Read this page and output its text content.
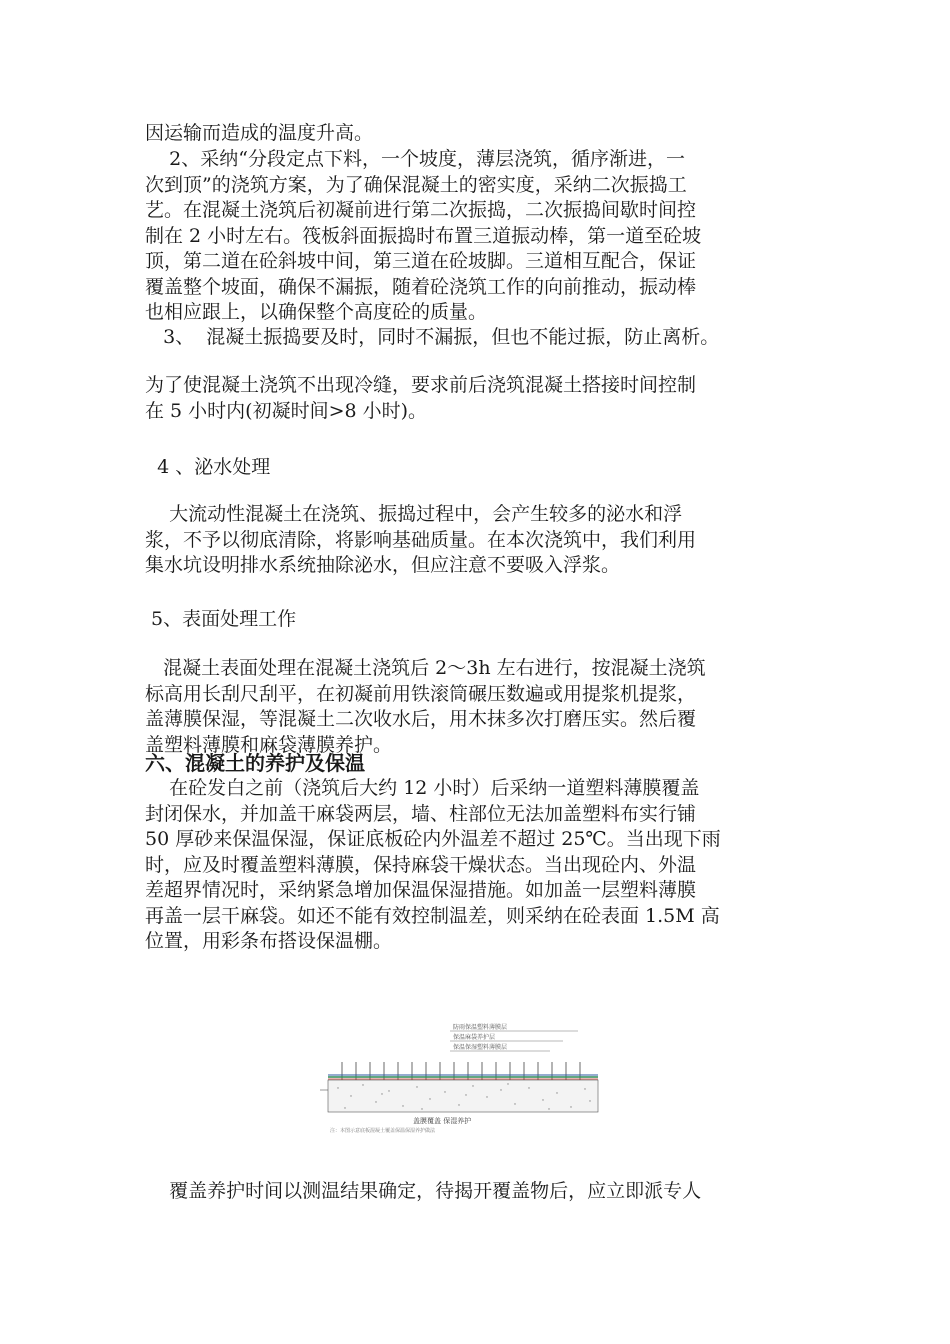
因运输而造成的温度升高。
2、采纳“分段定点下料，一个坡度，薄层浇筑，循序渐进，一
次到顶”的浇筑方案，为了确保混凝土的密实度，采纳二次振捣工
艺。在混凝土浇筑后初凝前进行第二次振捣，二次振捣间歇时间控
制在 2 小时左右。筏板斜面振捣时布置三道振动棒，第一道至砼坡
顶，第二道在砼斜坡中间，第三道在砼坡脚。三道相互配合，保证
覆盖整个坡面，确保不漏振，随着砼浇筑工作的向前推动，振动棒
也相应跟上，以确保整个高度砼的质量。
3、  混凝土振捣要及时，同时不漏振，但也不能过振，防止离析。
为了使混凝土浇筑不出现冷缝，要求前后浇筑混凝土搭接时间控制
在 5 小时内(初凝时间>8 小时)。
4 、泌水处理
大流动性混凝土在浇筑、振捣过程中，会产生较多的泌水和浮
浆，不予以彻底清除，将影响基础质量。在本次浇筑中，我们利用
集水坑设明排水系统抽除泌水，但应注意不要吸入浮浆。
5、表面处理工作
混凝土表面处理在混凝土浇筑后 2～3h 左右进行，按混凝土浇筑
标高用长刮尺刮平，在初凝前用铁滚筒碾压数遍或用提浆机提浆，
盖薄膜保湿，等混凝土二次收水后，用木抹多次打磨压实。然后覆
盖塑料薄膜和麻袋薄膜养护。
六、混凝土的养护及保温
在砼发白之前（浇筑后大约 12 小时）后采纳一道塑料薄膜覆盖
封闭保水，并加盖干麻袋两层，墙、柱部位无法加盖塑料布实行铺
50 厚砂来保温保湿，保证底板砼内外温差不超过 25℃。当出现下雨
时，应及时覆盖塑料薄膜，保持麻袋干燥状态。当出现砼内、外温
差超界情况时，采纳紧急增加保温保湿措施。如加盖一层塑料薄膜
再盖一层干麻袋。如还不能有效控制温差，则采纳在砼表面 1.5M 高
位置，用彩条布搭设保温棚。
防雨保温塑料薄膜层
保温麻袋养护层
保温保湿塑料薄膜层
盖膜覆盖 保湿养护
注：本图示意底板混凝土覆盖保温保湿养护做法
覆盖养护时间以测温结果确定，待揭开覆盖物后，应立即派专人
